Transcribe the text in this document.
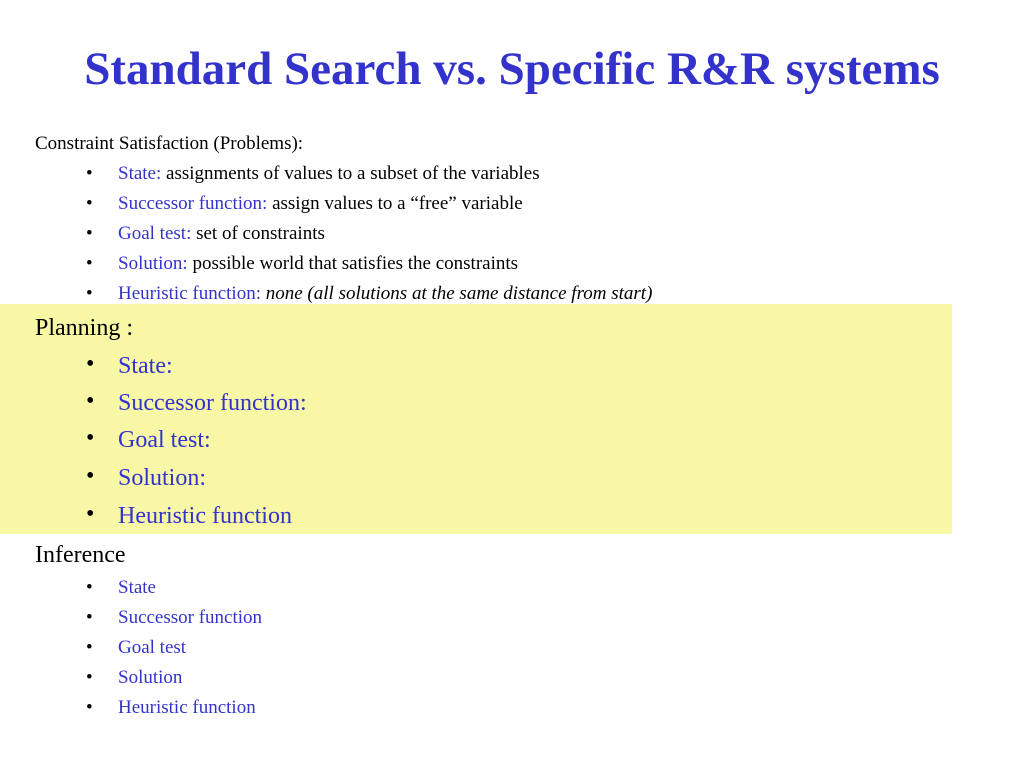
Standard Search vs. Specific R&R systems
Constraint Satisfaction (Problems):
• State: assignments of values to a subset of the variables
• Successor function: assign values to a “free” variable
• Goal test: set of constraints
• Solution: possible world that satisfies the constraints
• Heuristic function: none (all solutions at the same distance from start)
Planning :
• State:
• Successor function:
• Goal test:
• Solution:
• Heuristic function
Inference
• State
• Successor function
• Goal test
• Solution
• Heuristic function
